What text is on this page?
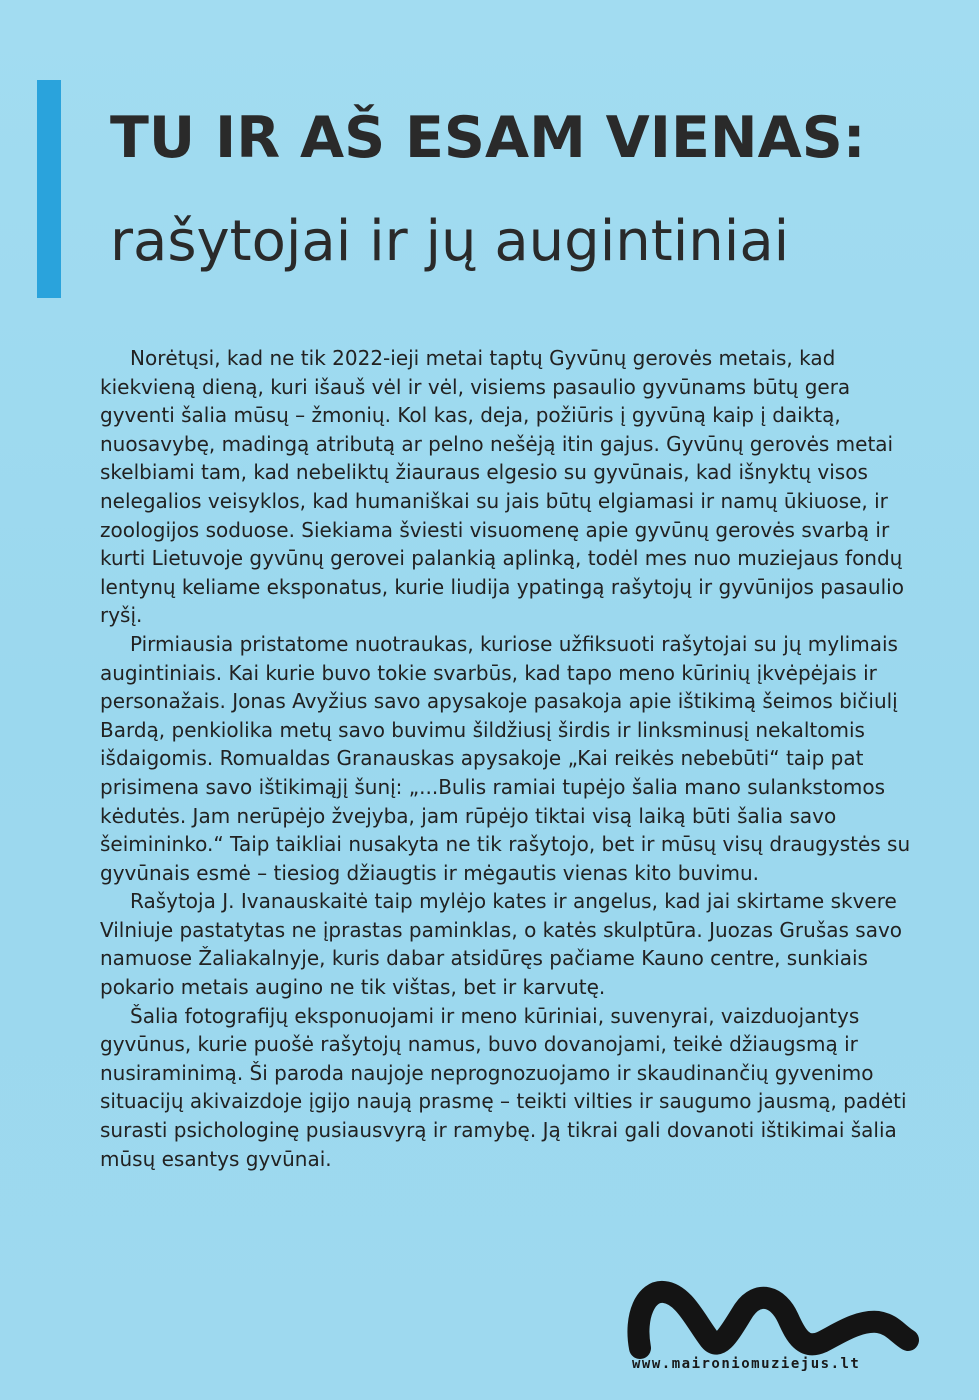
TU IR AŠ ESAM VIENAS:
rašytojai ir jų augintiniai

Norėtųsi, kad ne tik 2022-ieji metai taptų Gyvūnų gerovės metais, kad kiekvieną dieną, kuri išauš vėl ir vėl, visiems pasaulio gyvūnams būtų gera gyventi šalia mūsų – žmonių. Kol kas, deja, požiūris į gyvūną kaip į daiktą, nuosavybę, madingą atributą ar pelno nešėją itin gajus. Gyvūnų gerovės metai skelbiami tam, kad nebeliktų žiauraus elgesio su gyvūnais, kad išnyktų visos nelegalios veisyklos, kad humaniškai su jais būtų elgiamasi ir namų ūkiuose, ir zoologijos soduose. Siekiama šviesti visuomenę apie gyvūnų gerovės svarbą ir kurti Lietuvoje gyvūnų gerovei palankią aplinką, todėl mes nuo muziejaus fondų lentynų keliame eksponatus, kurie liudija ypatingą rašytojų ir gyvūnijos pasaulio ryšį.

Pirmiausia pristatome nuotraukas, kuriose užfiksuoti rašytojai su jų mylimais augintiniais. Kai kurie buvo tokie svarbūs, kad tapo meno kūrinių įkvėpėjais ir personažais. Jonas Avyžius savo apysakoje pasakoja apie ištikimą šeimos bičiulį Bardą, penkiolika metų savo buvimu šildžiusį širdis ir linksminusį nekaltomis išdaigomis. Romualdas Granauskas apysakoje „Kai reikės nebebūti“ taip pat prisimena savo ištikimąjį šunį: „...Bulis ramiai tupėjo šalia mano sulankstomos kėdutės. Jam nerūpėjo žvejyba, jam rūpėjo tiktai visą laiką būti šalia savo šeimininko.“ Taip taikliai nusakyta ne tik rašytojo, bet ir mūsų visų draugystės su gyvūnais esmė – tiesiog džiaugtis ir mėgautis vienas kito buvimu.

Rašytoja J. Ivanauskaitė taip mylėjo kates ir angelus, kad jai skirtame skvere Vilniuje pastatytas ne įprastas paminklas, o katės skulptūra. Juozas Grušas savo namuose Žaliakalnyje, kuris dabar atsidūręs pačiame Kauno centre, sunkiais pokario metais augino ne tik vištas, bet ir karvutę.

Šalia fotografijų eksponuojami ir meno kūriniai, suvenyrai, vaizduojantys gyvūnus, kurie puošė rašytojų namus, buvo dovanojami, teikė džiaugsmą ir nusiraminimą. Ši paroda naujoje neprognozuojamo ir skaudinančių gyvenimo situacijų akivaizdoje įgijo naują prasmę – teikti vilties ir saugumo jausmą, padėti surasti psichologinę pusiausvyrą ir ramybę. Ją tikrai gali dovanoti ištikimai šalia mūsų esantys gyvūnai.

www.maironiomuziejus.lt
